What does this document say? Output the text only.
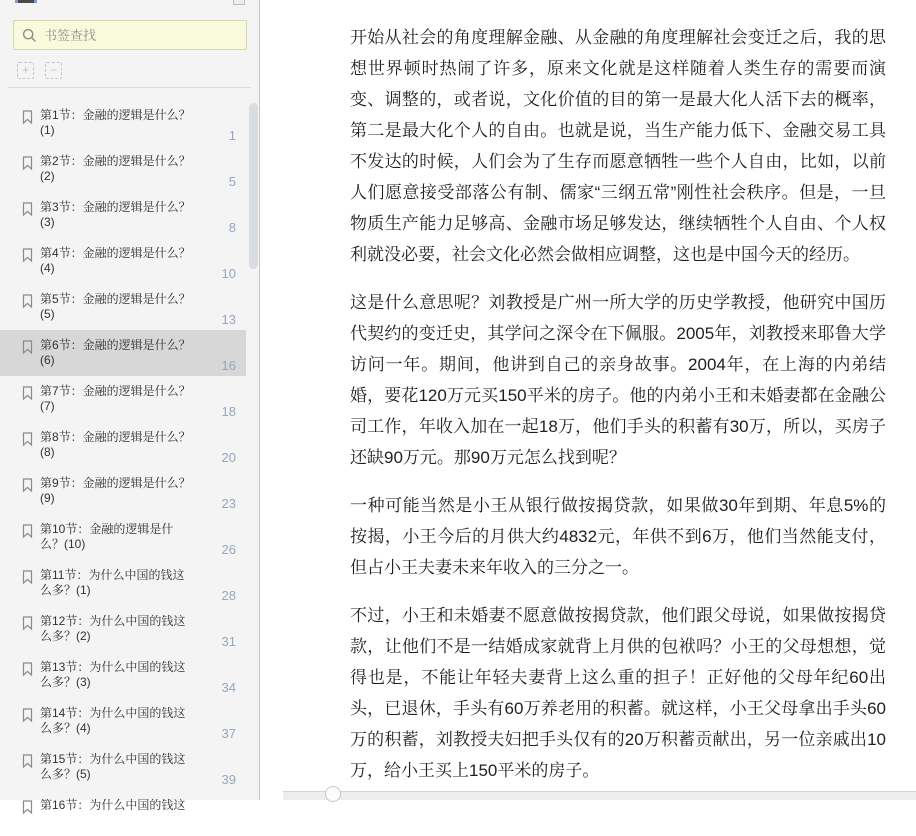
书签查找
+	−
第1节：金融的逻辑是什么？(1)	1
第2节：金融的逻辑是什么？(2)	5
第3节：金融的逻辑是什么？(3)	8
第4节：金融的逻辑是什么？(4)	10
第5节：金融的逻辑是什么？(5)	13
第6节：金融的逻辑是什么？(6)	16
第7节：金融的逻辑是什么？(7)	18
第8节：金融的逻辑是什么？(8)	20
第9节：金融的逻辑是什么？(9)	23
第10节：金融的逻辑是什么？(10)	26
第11节：为什么中国的钱这么多？(1)	28
第12节：为什么中国的钱这么多？(2)	31
第13节：为什么中国的钱这么多？(3)	34
第14节：为什么中国的钱这么多？(4)	37
第15节：为什么中国的钱这么多？(5)	39
第16节：为什么中国的钱这

开始从社会的角度理解金融、从金融的角度理解社会变迁之后，我的思想世界顿时热闹了许多，原来文化就是这样随着人类生存的需要而演变、调整的，或者说，文化价值的目的第一是最大化人活下去的概率，第二是最大化个人的自由。也就是说，当生产能力低下、金融交易工具不发达的时候，人们会为了生存而愿意牺牲一些个人自由，比如，以前人们愿意接受部落公有制、儒家“三纲五常”刚性社会秩序。但是，一旦物质生产能力足够高、金融市场足够发达，继续牺牲个人自由、个人权利就没必要，社会文化必然会做相应调整，这也是中国今天的经历。

这是什么意思呢？刘教授是广州一所大学的历史学教授，他研究中国历代契约的变迁史，其学问之深令在下佩服。2005年，刘教授来耶鲁大学访问一年。期间，他讲到自己的亲身故事。2004年，在上海的内弟结婚，要花120万元买150平米的房子。他的内弟小王和未婚妻都在金融公司工作，年收入加在一起18万，他们手头的积蓄有30万，所以，买房子还缺90万元。那90万元怎么找到呢？

一种可能当然是小王从银行做按揭贷款，如果做30年到期、年息5%的按揭，小王今后的月供大约4832元，年供不到6万，他们当然能支付，但占小王夫妻未来年收入的三分之一。

不过，小王和未婚妻不愿意做按揭贷款，他们跟父母说，如果做按揭贷款，让他们不是一结婚成家就背上月供的包袱吗？小王的父母想想，觉得也是，不能让年轻夫妻背上这么重的担子！正好他的父母年纪60出头，已退休，手头有60万养老用的积蓄。就这样，小王父母拿出手头60万的积蓄，刘教授夫妇把手头仅有的20万积蓄贡献出，另一位亲戚出10万，给小王买上150平米的房子。
